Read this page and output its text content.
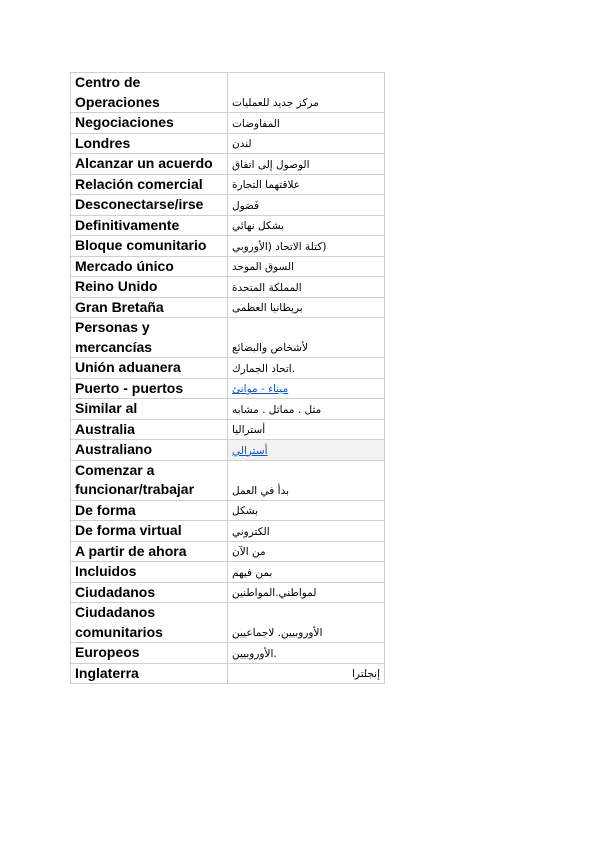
Centro de
Operaciones	مركز جديد للعمليات
Negociaciones	المفاوضات
Londres	لندن
Alcanzar un acuerdo	الوصول إلى اتفاق
Relación comercial	علاقتهما التجارة
Desconectarse/irse	فَصَول
Definitivamente	بشكل نهائي
Bloque comunitario	(كتلة الاتحاد (الأوروبي
Mercado único	السوق الموحد
Reino Unido	المملكة المتحدة
Gran Bretaña	بريطانيا العظمى
Personas y
mercancías	لأشخاص والبضائع
Unión aduanera	.اتحاد الجمارك
Puerto - puertos	ميناء - موانئ
Similar al	مثل . مماثل . مشابه
Australia	أستراليا
Australiano	أسترالي
Comenzar a
funcionar/trabajar	بدأ في العمل
De forma	بشكل
De forma virtual	الكتروني
A partir de ahora	من الآن
Incluidos	بمن فيهم
Ciudadanos	لمواطني.المواطنين
Ciudadanos
comunitarios	الأوروبيين. لاجماعيين
Europeos	.الأوروبيين
Inglaterra	إنجلترا
